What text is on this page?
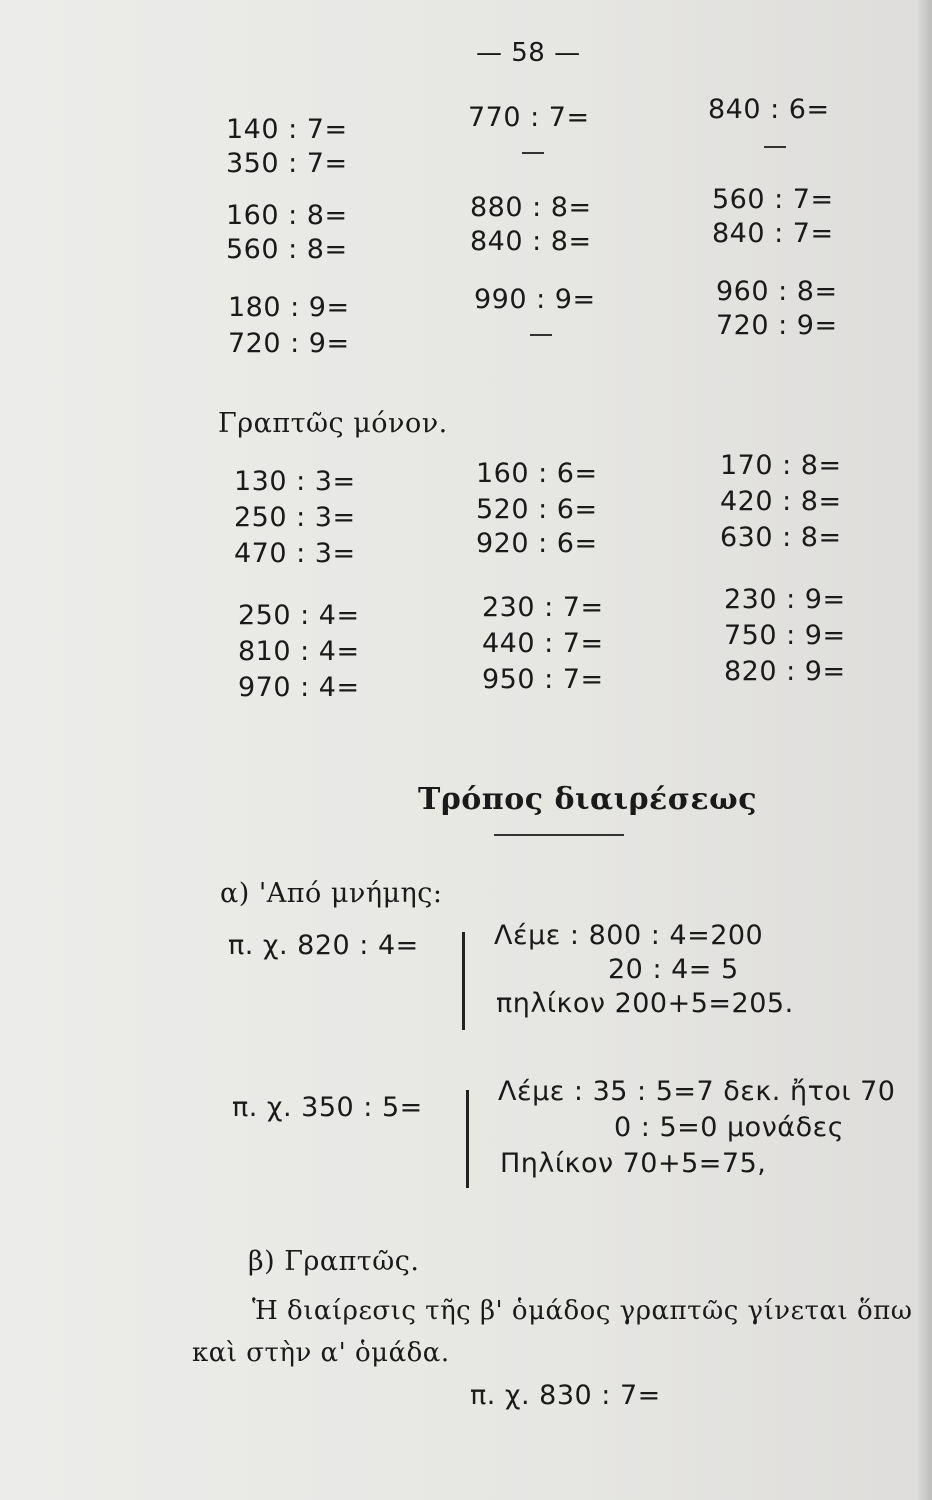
— 58 —
140 : 7=
350 : 7=
160 : 8=
560 : 8=
180 : 9=
720 : 9=
770 : 7=
880 : 8=
840 : 8=
990 : 9=
840 : 6=
560 : 7=
840 : 7=
960 : 8=
720 : 9=
Γραπτῶς μόνον.
130 : 3=
250 : 3=
470 : 3=
250 : 4=
810 : 4=
970 : 4=
160 : 6=
520 : 6=
920 : 6=
230 : 7=
440 : 7=
950 : 7=
170 : 8=
420 : 8=
630 : 8=
230 : 9=
750 : 9=
820 : 9=
Τρόπος διαιρέσεως
α) 'Από μνήμης:
π. χ. 820 : 4=	Λέμε : 800 : 4=200
20 : 4= 5
πηλίκον 200+5=205.
π. χ. 350 : 5=
Λέμε : 35 : 5=7 δεκ. ἤτοι 70
0 : 5=0 μονάδες
Πηλίκον 70+5=75,
β) Γραπτῶς.
Ἡ διαίρεσις τῆς β' ὁμάδος γραπτῶς γίνεται ὅπω
καὶ στὴν α' ὁμάδα.
π. χ. 830 : 7=
